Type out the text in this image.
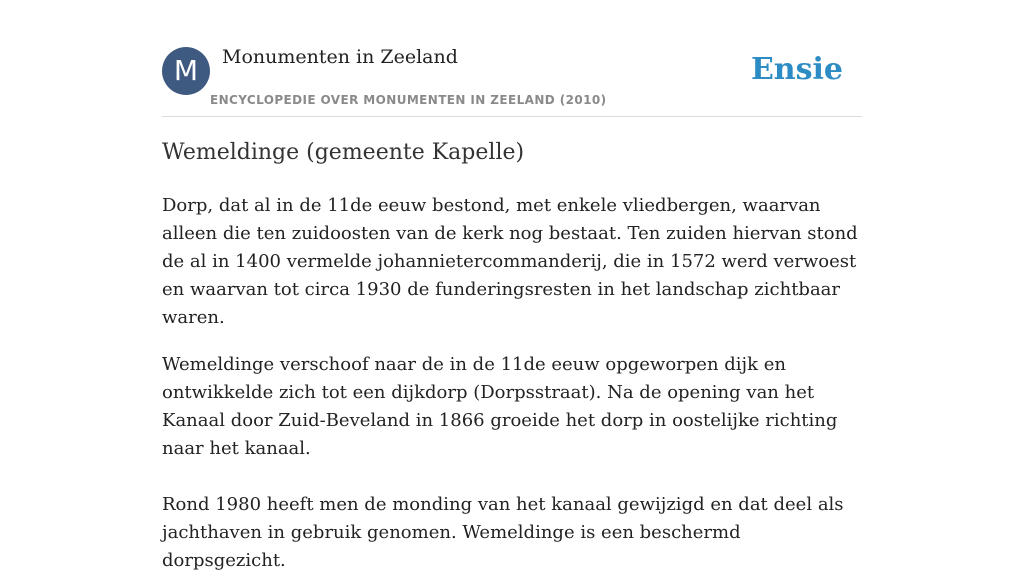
M	Monumenten in Zeeland
ENCYCLOPEDIE OVER MONUMENTEN IN ZEELAND (2010)
Ensie
Wemeldinge (gemeente Kapelle)

Dorp, dat al in de 11de eeuw bestond, met enkele vliedbergen, waarvan alleen die ten zuidoosten van de kerk nog bestaat. Ten zuiden hiervan stond de al in 1400 vermelde johannietercommanderij, die in 1572 werd verwoest en waarvan tot circa 1930 de funderingsresten in het landschap zichtbaar waren.

Wemeldinge verschoof naar de in de 11de eeuw opgeworpen dijk en ontwikkelde zich tot een dijkdorp (Dorpsstraat). Na de opening van het Kanaal door Zuid-Beveland in 1866 groeide het dorp in oostelijke richting naar het kanaal.

Rond 1980 heeft men de monding van het kanaal gewijzigd en dat deel als jachthaven in gebruik genomen. Wemeldinge is een beschermd dorpsgezicht.
